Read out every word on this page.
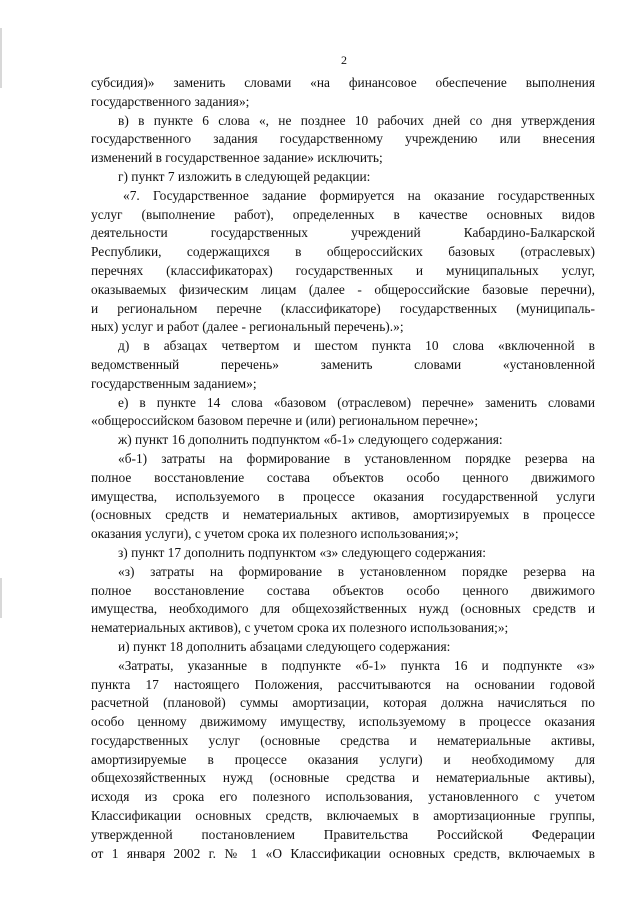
2

субсидия)» заменить словами «на финансовое обеспечение выполнения

государственного задания»;

в) в пункте 6 слова «, не позднее 10 рабочих дней со дня утверждения

государственного задания государственному учреждению или внесения

изменений в государственное задание» исключить;

г) пункт 7 изложить в следующей редакции:

«7. Государственное задание формируется на оказание государственных

услуг (выполнение работ), определенных в качестве основных видов

деятельности государственных учреждений Кабардино-Балкарской

Республики, содержащихся в общероссийских базовых (отраслевых)

перечнях (классификаторах) государственных и муниципальных услуг,

оказываемых физическим лицам (далее - общероссийские базовые перечни),

и региональном перечне (классификаторе) государственных (муниципаль-

ных) услуг и работ (далее - региональный перечень).»;

д) в абзацах четвертом и шестом пункта 10 слова «включенной в

ведомственный перечень» заменить словами «установленной

государственным заданием»;

е) в пункте 14 слова «базовом (отраслевом) перечне» заменить словами

«общероссийском базовом перечне и (или) региональном перечне»;

ж) пункт 16 дополнить подпунктом «б-1» следующего содержания:

«б-1) затраты на формирование в установленном порядке резерва на

полное восстановление состава объектов особо ценного движимого

имущества, используемого в процессе оказания государственной услуги

(основных средств и нематериальных активов, амортизируемых в процессе

оказания услуги), с учетом срока их полезного использования;»;

з) пункт 17 дополнить подпунктом «з» следующего содержания:

«з) затраты на формирование в установленном порядке резерва на

полное восстановление состава объектов особо ценного движимого

имущества, необходимого для общехозяйственных нужд (основных средств и

нематериальных активов), с учетом срока их полезного использования;»;

и) пункт 18 дополнить абзацами следующего содержания:

«Затраты, указанные в подпункте «б-1» пункта 16 и подпункте «з»

пункта 17 настоящего Положения, рассчитываются на основании годовой

расчетной (плановой) суммы амортизации, которая должна начисляться по

особо ценному движимому имуществу, используемому в процессе оказания

государственных услуг (основные средства и нематериальные активы,

амортизируемые в процессе оказания услуги) и необходимому для

общехозяйственных нужд (основные средства и нематериальные активы),

исходя из срока его полезного использования, установленного с учетом

Классификации основных средств, включаемых в амортизационные группы,

утвержденной постановлением Правительства Российской Федерации

от 1 января 2002 г. № 1 «О Классификации основных средств, включаемых в
